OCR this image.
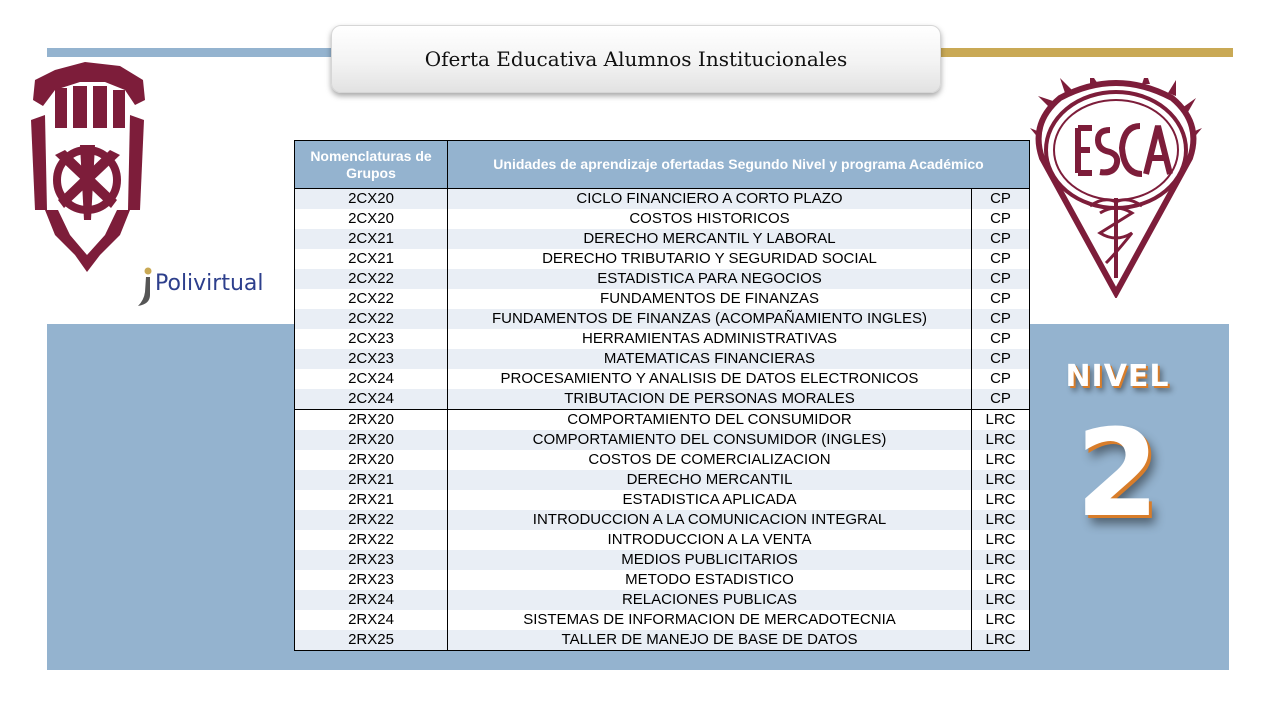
Oferta Educativa Alumnos Institucionales
Polivirtual
NIVEL
2
Nomenclaturas de Grupos	Unidades de aprendizaje ofertadas Segundo Nivel y programa Académico	
2CX20	CICLO FINANCIERO A CORTO PLAZO	CP
2CX20	COSTOS HISTORICOS	CP
2CX21	DERECHO MERCANTIL Y LABORAL	CP
2CX21	DERECHO TRIBUTARIO Y SEGURIDAD SOCIAL	CP
2CX22	ESTADISTICA PARA NEGOCIOS	CP
2CX22	FUNDAMENTOS DE FINANZAS	CP
2CX22	FUNDAMENTOS DE FINANZAS (ACOMPAÑAMIENTO INGLES)	CP
2CX23	HERRAMIENTAS ADMINISTRATIVAS	CP
2CX23	MATEMATICAS FINANCIERAS	CP
2CX24	PROCESAMIENTO Y ANALISIS DE DATOS ELECTRONICOS	CP
2CX24	TRIBUTACION DE PERSONAS MORALES	CP
2RX20	COMPORTAMIENTO DEL CONSUMIDOR	LRC
2RX20	COMPORTAMIENTO DEL CONSUMIDOR (INGLES)	LRC
2RX20	COSTOS DE COMERCIALIZACION	LRC
2RX21	DERECHO MERCANTIL	LRC
2RX21	ESTADISTICA APLICADA	LRC
2RX22	INTRODUCCION A LA COMUNICACION INTEGRAL	LRC
2RX22	INTRODUCCION A LA VENTA	LRC
2RX23	MEDIOS PUBLICITARIOS	LRC
2RX23	METODO ESTADISTICO	LRC
2RX24	RELACIONES PUBLICAS	LRC
2RX24	SISTEMAS DE INFORMACION DE MERCADOTECNIA	LRC
2RX25	TALLER DE MANEJO DE BASE DE DATOS	LRC
